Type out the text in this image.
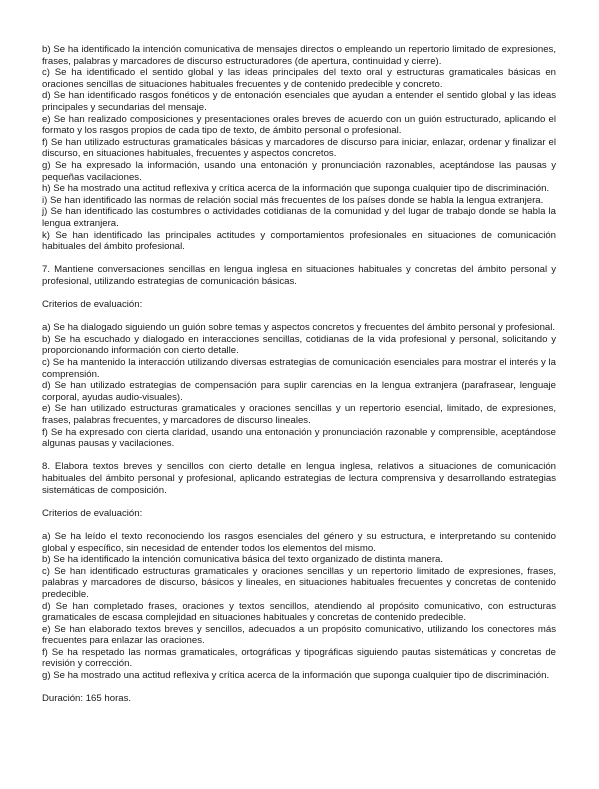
b) Se ha identificado la intención comunicativa de mensajes directos o empleando un repertorio limitado de expresiones, frases, palabras y marcadores de discurso estructuradores (de apertura, continuidad y cierre).

c) Se ha identificado el sentido global y las ideas principales del texto oral y estructuras gramaticales básicas en oraciones sencillas de situaciones habituales frecuentes y de contenido predecible y concreto.

d) Se han identificado rasgos fonéticos y de entonación esenciales que ayudan a entender el sentido global y las ideas principales y secundarias del mensaje.

e) Se han realizado composiciones y presentaciones orales breves de acuerdo con un guión estructurado, aplicando el formato y los rasgos propios de cada tipo de texto, de ámbito personal o profesional.

f) Se han utilizado estructuras gramaticales básicas y marcadores de discurso para iniciar, enlazar, ordenar y finalizar el discurso, en situaciones habituales, frecuentes y aspectos concretos.

g) Se ha expresado la información, usando una entonación y pronunciación razonables, aceptándose las pausas y pequeñas vacilaciones.

h) Se ha mostrado una actitud reflexiva y crítica acerca de la información que suponga cualquier tipo de discriminación.

i) Se han identificado las normas de relación social más frecuentes de los países donde se habla la lengua extranjera.

j) Se han identificado las costumbres o actividades cotidianas de la comunidad y del lugar de trabajo donde se habla la lengua extranjera.

k) Se han identificado las principales actitudes y comportamientos profesionales en situaciones de comunicación habituales del ámbito profesional.

7. Mantiene conversaciones sencillas en lengua inglesa en situaciones habituales y concretas del ámbito personal y profesional, utilizando estrategias de comunicación básicas.

Criterios de evaluación:

a) Se ha dialogado siguiendo un guión sobre temas y aspectos concretos y frecuentes del ámbito personal y profesional.

b) Se ha escuchado y dialogado en interacciones sencillas, cotidianas de la vida profesional y personal, solicitando y proporcionando información con cierto detalle.

c) Se ha mantenido la interacción utilizando diversas estrategias de comunicación esenciales para mostrar el interés y la comprensión.

d) Se han utilizado estrategias de compensación para suplir carencias en la lengua extranjera (parafrasear, lenguaje corporal, ayudas audio-visuales).

e) Se han utilizado estructuras gramaticales y oraciones sencillas y un repertorio esencial, limitado, de expresiones, frases, palabras frecuentes, y marcadores de discurso lineales.

f) Se ha expresado con cierta claridad, usando una entonación y pronunciación razonable y comprensible, aceptándose algunas pausas y vacilaciones.

8. Elabora textos breves y sencillos con cierto detalle en lengua inglesa, relativos a situaciones de comunicación habituales del ámbito personal y profesional, aplicando estrategias de lectura comprensiva y desarrollando estrategias sistemáticas de composición.

Criterios de evaluación:

a) Se ha leído el texto reconociendo los rasgos esenciales del género y su estructura, e interpretando su contenido global y específico, sin necesidad de entender todos los elementos del mismo.

b) Se ha identificado la intención comunicativa básica del texto organizado de distinta manera.

c) Se han identificado estructuras gramaticales y oraciones sencillas y un repertorio limitado de expresiones, frases, palabras y marcadores de discurso, básicos y lineales, en situaciones habituales frecuentes y concretas de contenido predecible.

d) Se han completado frases, oraciones y textos sencillos, atendiendo al propósito comunicativo, con estructuras gramaticales de escasa complejidad en situaciones habituales y concretas de contenido predecible.

e) Se han elaborado textos breves y sencillos, adecuados a un propósito comunicativo, utilizando los conectores más frecuentes para enlazar las oraciones.

f) Se ha respetado las normas gramaticales, ortográficas y tipográficas siguiendo pautas sistemáticas y concretas de revisión y corrección.

g) Se ha mostrado una actitud reflexiva y crítica acerca de la información que suponga cualquier tipo de discriminación.

Duración: 165 horas.
